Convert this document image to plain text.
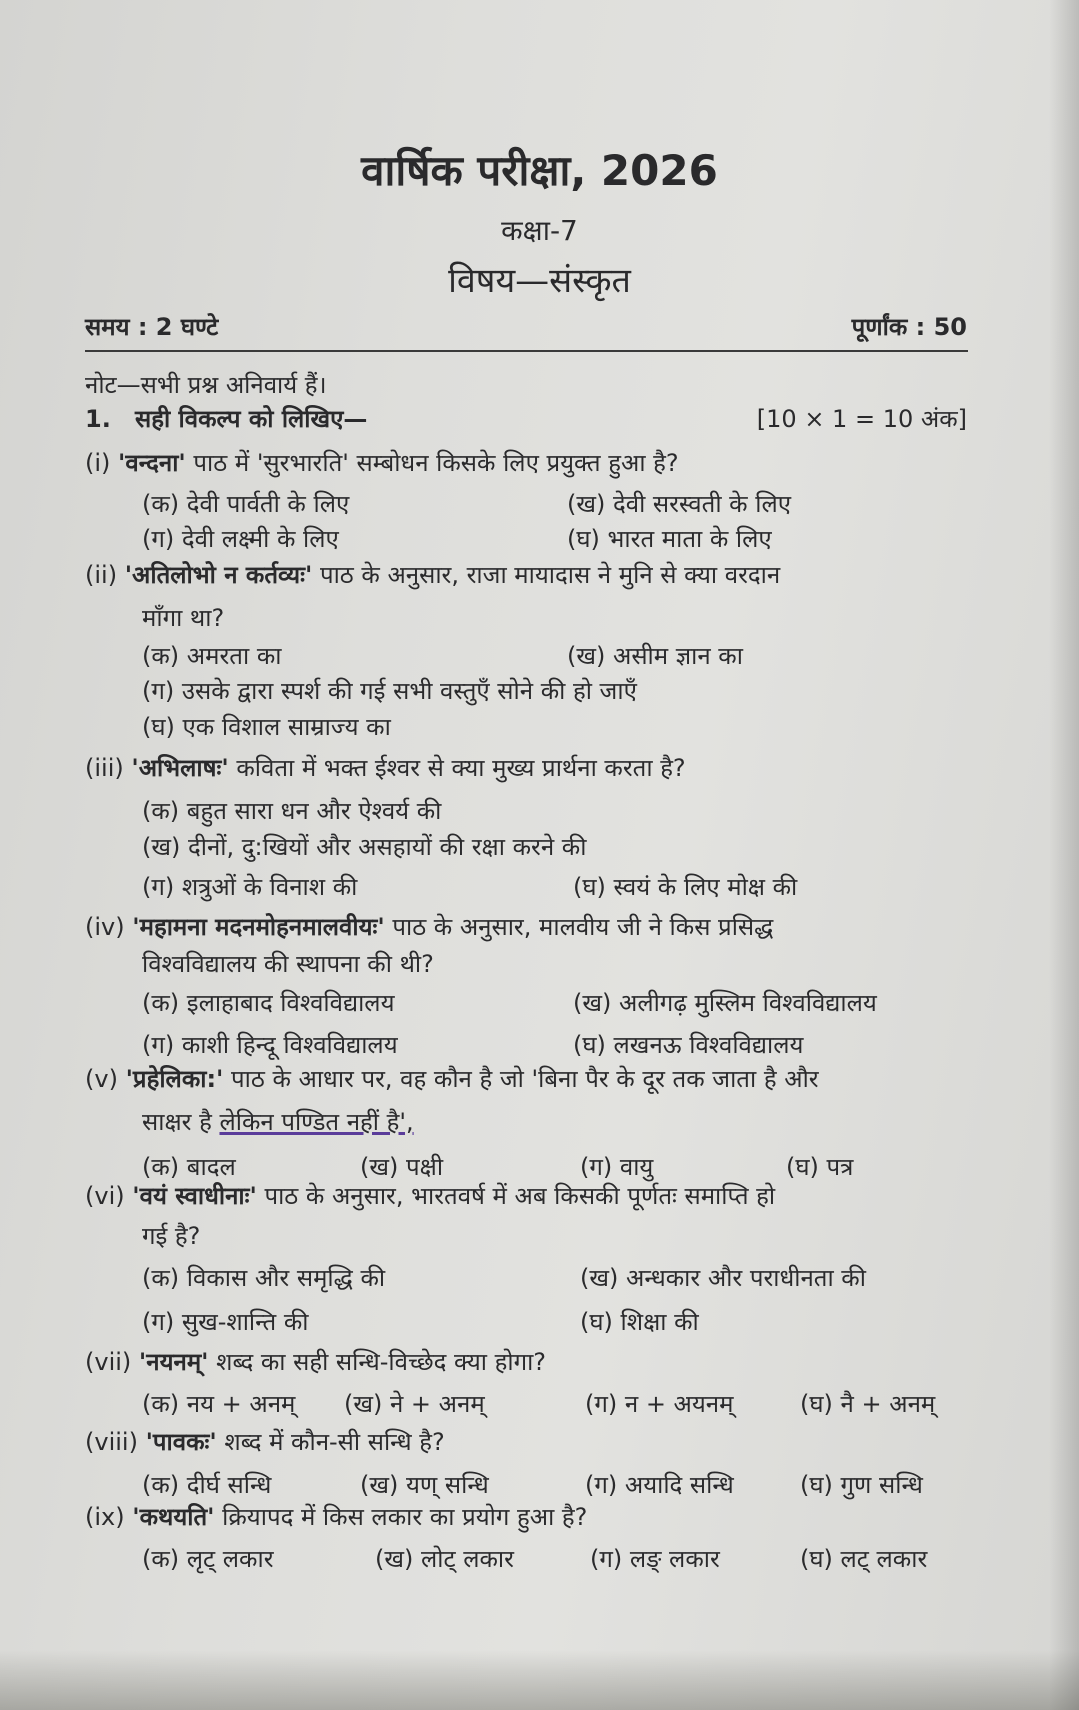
वार्षिक परीक्षा, 2026
कक्षा-7
विषय—संस्कृत
समय : 2 घण्टे	पूर्णांक : 50
नोट—सभी प्रश्न अनिवार्य हैं।
1. सही विकल्प को लिखिए—	[10 × 1 = 10 अंक]
(i) 'वन्दना' पाठ में 'सुरभारति' सम्बोधन किसके लिए प्रयुक्त हुआ है?
(क) देवी पार्वती के लिए	(ख) देवी सरस्वती के लिए
(ग) देवी लक्ष्मी के लिए	(घ) भारत माता के लिए
(ii) 'अतिलोभो न कर्तव्यः' पाठ के अनुसार, राजा मायादास ने मुनि से क्या वरदान
माँगा था?
(क) अमरता का	(ख) असीम ज्ञान का
(ग) उसके द्वारा स्पर्श की गई सभी वस्तुएँ सोने की हो जाएँ
(घ) एक विशाल साम्राज्य का
(iii) 'अभिलाषः' कविता में भक्त ईश्वर से क्या मुख्य प्रार्थना करता है?
(क) बहुत सारा धन और ऐश्वर्य की
(ख) दीनों, दु:खियों और असहायों की रक्षा करने की
(ग) शत्रुओं के विनाश की	(घ) स्वयं के लिए मोक्ष की
(iv) 'महामना मदनमोहनमालवीयः' पाठ के अनुसार, मालवीय जी ने किस प्रसिद्ध
विश्वविद्यालय की स्थापना की थी?
(क) इलाहाबाद विश्वविद्यालय	(ख) अलीगढ़ मुस्लिम विश्वविद्यालय
(ग) काशी हिन्दू विश्वविद्यालय	(घ) लखनऊ विश्वविद्यालय
(v) 'प्रहेलिका:' पाठ के आधार पर, वह कौन है जो 'बिना पैर के दूर तक जाता है और
साक्षर है लेकिन पण्डित नहीं है',
(क) बादल	(ख) पक्षी	(ग) वायु	(घ) पत्र
(vi) 'वयं स्वाधीनाः' पाठ के अनुसार, भारतवर्ष में अब किसकी पूर्णतः समाप्ति हो
गई है?
(क) विकास और समृद्धि की	(ख) अन्धकार और पराधीनता की
(ग) सुख-शान्ति की	(घ) शिक्षा की
(vii) 'नयनम्' शब्द का सही सन्धि-विच्छेद क्या होगा?
(क) नय + अनम् (ख) ने + अनम्	(ग) न + अयनम्	(घ) नै + अनम्
(viii) 'पावकः' शब्द में कौन-सी सन्धि है?
(क) दीर्घ सन्धि	(ख) यण् सन्धि	(ग) अयादि सन्धि	(घ) गुण सन्धि
(ix) 'कथयति' क्रियापद में किस लकार का प्रयोग हुआ है?
(क) लृट् लकार	(ख) लोट् लकार	(ग) लङ् लकार	(घ) लट् लकार
